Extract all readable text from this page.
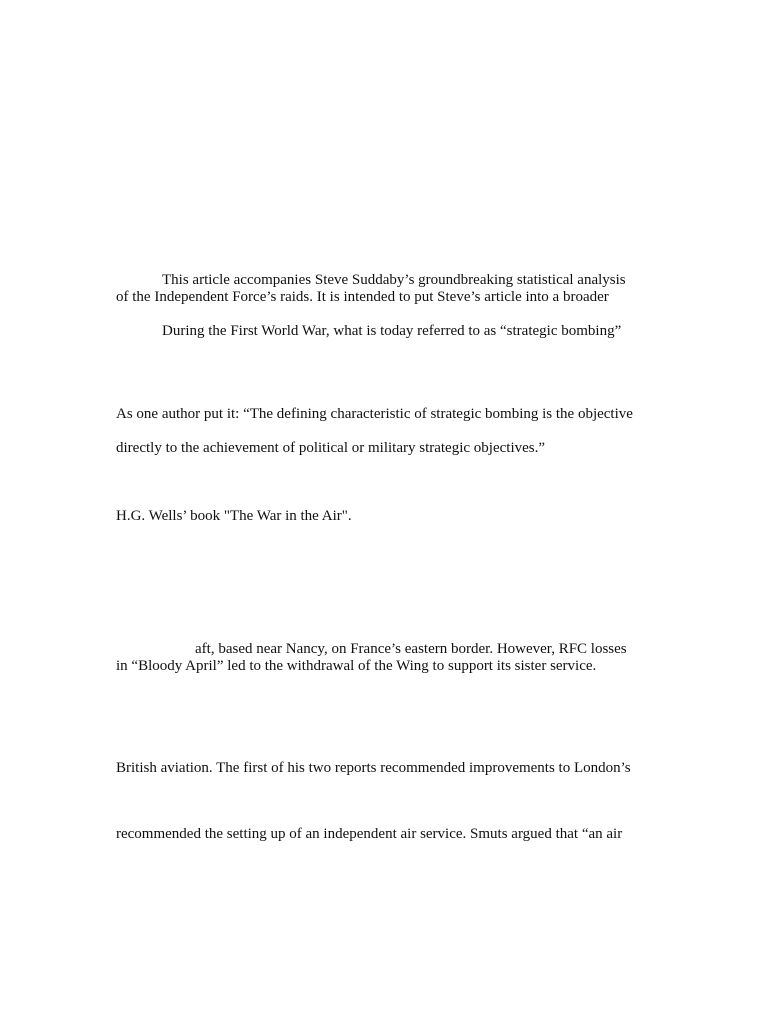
This article accompanies Steve Suddaby’s groundbreaking statistical analysis
of the Independent Force’s raids. It is intended to put Steve’s article into a broader
During the First World War, what is today referred to as “strategic bombing”
As one author put it: “The defining characteristic of strategic bombing is the objective
directly to the achievement of political or military strategic objectives.”
H.G. Wells’ book "The War in the Air".
aft, based near Nancy, on France’s eastern border. However, RFC losses
in “Bloody April” led to the withdrawal of the Wing to support its sister service.
British aviation. The first of his two reports recommended improvements to London’s
recommended the setting up of an independent air service. Smuts argued that “an air
